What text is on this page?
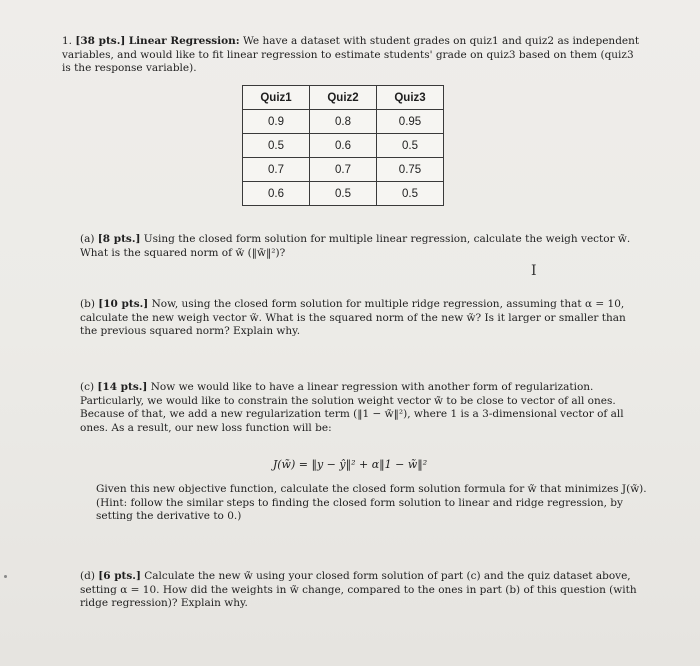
1. [38 pts.] Linear Regression: We have a dataset with student grades on quiz1 and quiz2 as independent variables, and would like to fit linear regression to estimate students' grade on quiz3 based on them (quiz3 is the response variable).

Quiz1	Quiz2	Quiz3
0.9	0.8	0.95
0.5	0.6	0.5
0.7	0.7	0.75
0.6	0.5	0.5

(a) [8 pts.] Using the closed form solution for multiple linear regression, calculate the weigh vector w̃. What is the squared norm of w̃ (‖w̃‖²)?

I

(b) [10 pts.] Now, using the closed form solution for multiple ridge regression, assuming that α = 10, calculate the new weigh vector w̃. What is the squared norm of the new w̃? Is it larger or smaller than the previous squared norm? Explain why.

(c) [14 pts.] Now we would like to have a linear regression with another form of regularization. Particularly, we would like to constrain the solution weight vector w̃ to be close to vector of all ones. Because of that, we add a new regularization term (‖1 − w̃‖²), where 1 is a 3-dimensional vector of all ones. As a result, our new loss function will be:

J(w̃) = ‖y − ŷ‖² + α‖1 − w̃‖²

Given this new objective function, calculate the closed form solution formula for w̃ that minimizes J(w̃). (Hint: follow the similar steps to finding the closed form solution to linear and ridge regression, by setting the derivative to 0.)

(d) [6 pts.] Calculate the new w̃ using your closed form solution of part (c) and the quiz dataset above, setting α = 10. How did the weights in w̃ change, compared to the ones in part (b) of this question (with ridge regression)? Explain why.
